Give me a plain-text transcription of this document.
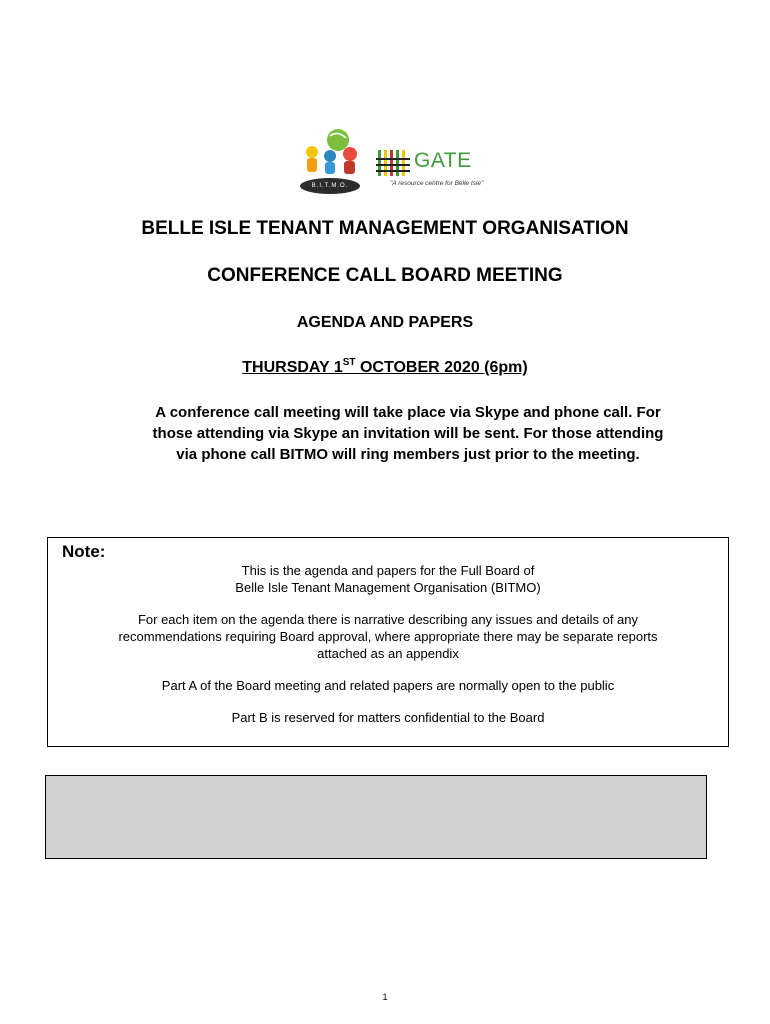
B.I.T.M.O.
GATE
"A resource centre for Belle Isle"
BELLE ISLE TENANT MANAGEMENT ORGANISATION
CONFERENCE CALL BOARD MEETING
AGENDA AND PAPERS
THURSDAY 1ST OCTOBER 2020 (6pm)
A conference call meeting will take place via Skype and phone call. For
those attending via Skype an invitation will be sent. For those attending
via phone call BITMO will ring members just prior to the meeting.
Note:

This is the agenda and papers for the Full Board of
Belle Isle Tenant Management Organisation (BITMO)

For each item on the agenda there is narrative describing any issues and details of any
recommendations requiring Board approval, where appropriate there may be separate reports
attached as an appendix

Part A of the Board meeting and related papers are normally open to the public

Part B is reserved for matters confidential to the Board

1
